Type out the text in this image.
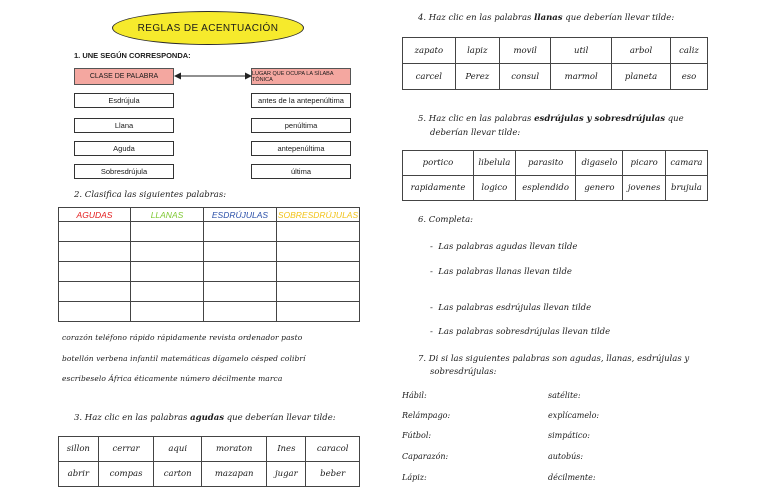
REGLAS DE ACENTUACIÓN
1. UNE SEGÚN CORRESPONDA:
CLASE DE PALABRA	LUGAR QUE OCUPA LA SÍLABA TÓNICA
Esdrújula
Llana
Aguda
Sobresdrújula
antes de la antepenúltima
penúltima
antepenúltima
última
2. Clasifica las siguientes palabras:
AGUDAS	LLANAS	ESDRÚJULAS	SOBRESDRÚJULAS

corazón teléfono rápido rápidamente revista ordenador pasto
botellón verbena infantil matemáticas dígamelo césped colibrí
escribeselo África éticamente número décilmente marca
3. Haz clic en las palabras agudas que deberían llevar tilde:
sillon	cerrar	aqui	moraton	Ines	caracol
abrir	compas	carton	mazapan	jugar	beber
4. Haz clic en las palabras llanas que deberían llevar tilde:
zapato	lapiz	movil	util	arbol	caliz
carcel	Perez	consul	marmol	planeta	eso
5. Haz clic en las palabras esdrújulas y sobresdrújulas que
deberían llevar tilde:
portico	libelula	parasito	digaselo	picaro	camara
rapidamente	logico	esplendido	genero	jovenes	brujula
6. Completa:
-  Las palabras agudas llevan tilde
-  Las palabras llanas llevan tilde
-  Las palabras esdrújulas llevan tilde
-  Las palabras sobresdrújulas llevan tilde
7. Di si las siguientes palabras son agudas, llanas, esdrújulas y
sobresdrújulas:
Hábil:
Relámpago:
Fútbol:
Caparazón:
Lápiz:
satélite:
explícamelo:
simpático:
autobús:
décilmente:
